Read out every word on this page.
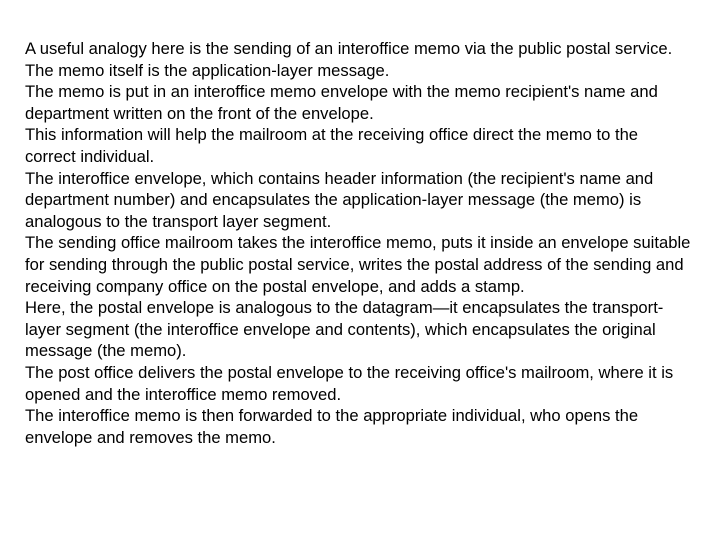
A useful analogy here is the sending of an interoffice memo via the public postal service.

The memo itself is the application-layer message.

The memo is put in an interoffice memo envelope with the memo recipient's name and department written on the front of the envelope.

This information will help the mailroom at the receiving office direct the memo to the correct individual.

The interoffice envelope, which contains header information (the recipient's name and department number) and encapsulates the application-layer message (the memo) is analogous to the transport layer segment.

The sending office mailroom takes the interoffice memo, puts it inside an envelope suitable for sending through the public postal service, writes the postal address of the sending and receiving company office on the postal envelope, and adds a stamp.

Here, the postal envelope is analogous to the datagram—it encapsulates the transport-layer segment (the interoffice envelope and contents), which encapsulates the original message (the memo).

The post office delivers the postal envelope to the receiving office's mailroom, where it is opened and the interoffice memo removed.

The interoffice memo is then forwarded to the appropriate individual, who opens the envelope and removes the memo.
